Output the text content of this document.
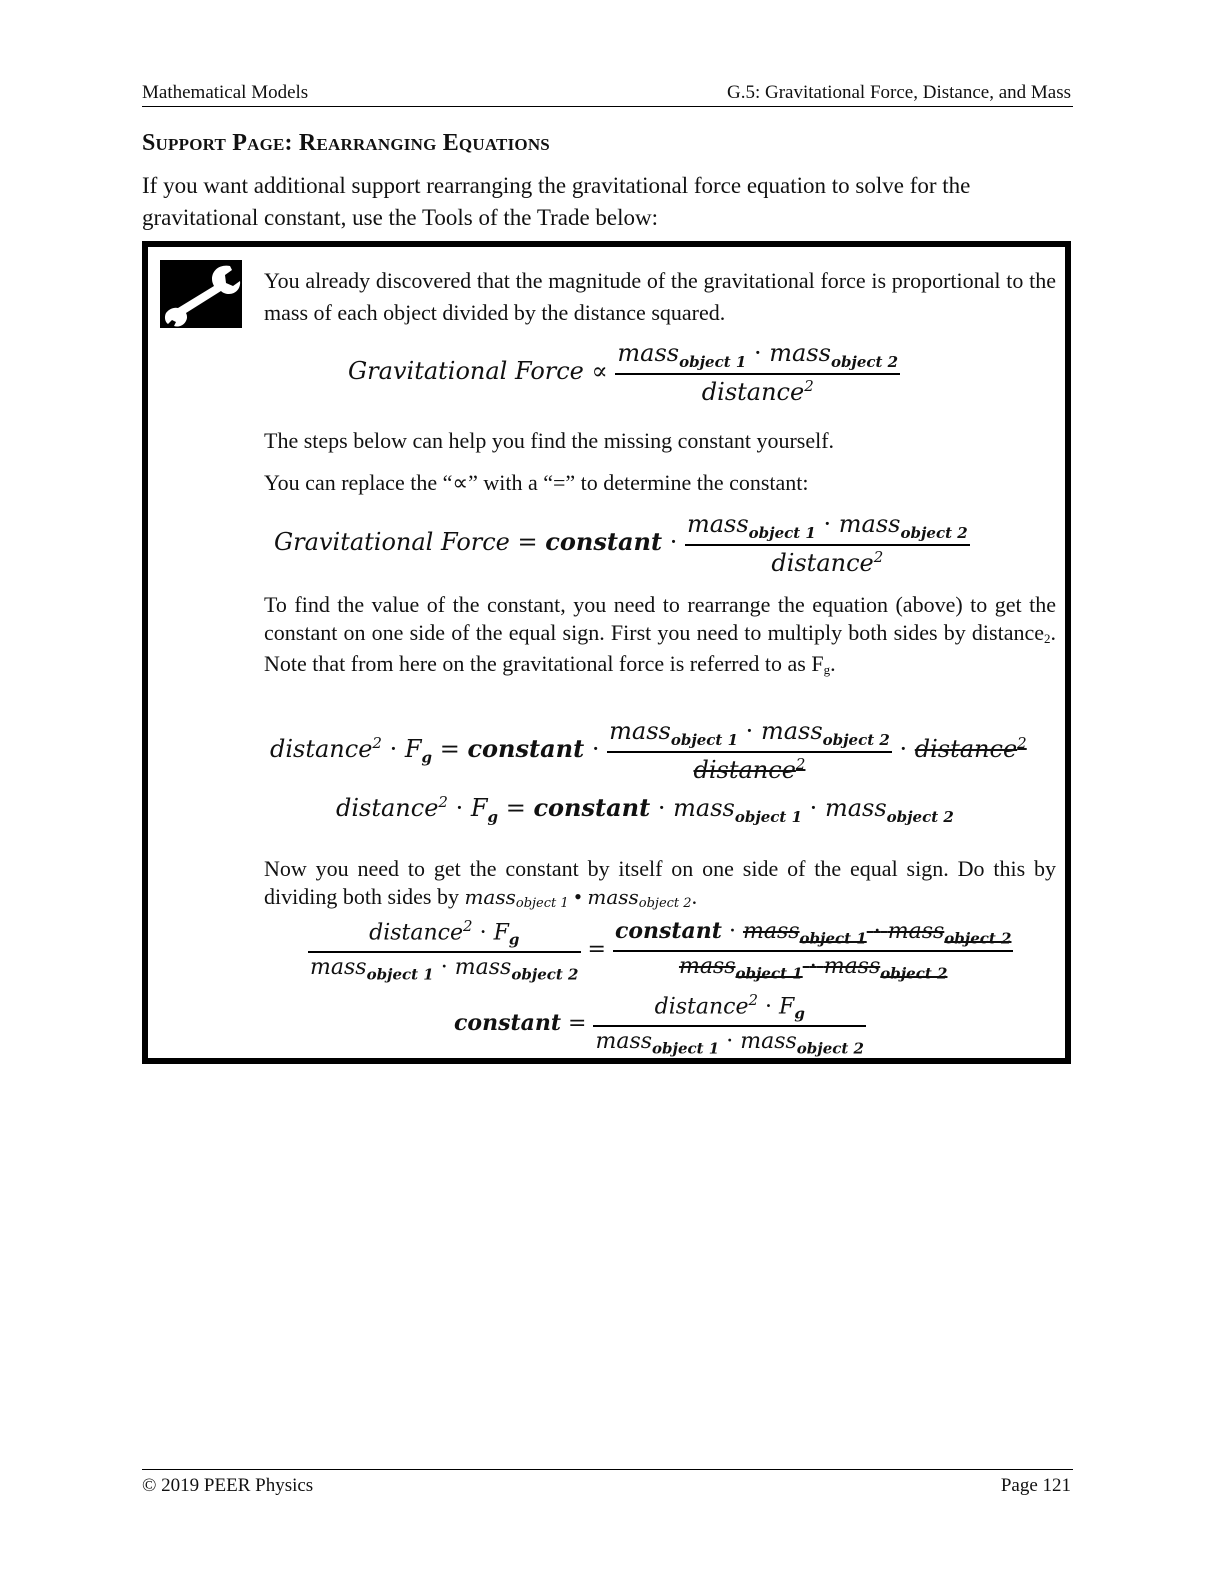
Mathematical Models	G.5: Gravitational Force, Distance, and Mass
Support Page: Rearranging Equations

If you want additional support rearranging the gravitational force equation to solve for the gravitational constant, use the Tools of the Trade below:

You already discovered that the magnitude of the gravitational force is proportional to the mass of each object divided by the distance squared.

Gravitational Force ∝ $\frac{mass_{object 1} \cdot mass_{object 2}}{distance^2}$

The steps below can help you find the missing constant yourself.

You can replace the “∝” with a “=” to determine the constant:

Gravitational Force = constant · $\frac{mass_{object 1} \cdot mass_{object 2}}{distance^2}$

To find the value of the constant, you need to rearrange the equation (above) to get the constant on one side of the equal sign. First you need to multiply both sides by distance2. Note that from here on the gravitational force is referred to as Fg.

distance$^2$ · $F_g$ = constant · $\frac{mass_{object 1} \cdot mass_{object 2}}{distance^2}$ · distance$^2$
distance$^2$ · $F_g$ = constant · mass$_{object 1}$ · mass$_{object 2}$

Now you need to get the constant by itself on one side of the equal sign. Do this by dividing both sides by massobject 1 • massobject 2.

$\frac{distance^2 \cdot F_g}{mass_{object 1} \cdot mass_{object 2}} = \frac{constant \cdot mass_{object 1} \cdot mass_{object 2}}{mass_{object 1} \cdot mass_{object 2}}$
constant = $\frac{distance^2 \cdot F_g}{mass_{object 1} \cdot mass_{object 2}}$
© 2019 PEER Physics	Page 121
